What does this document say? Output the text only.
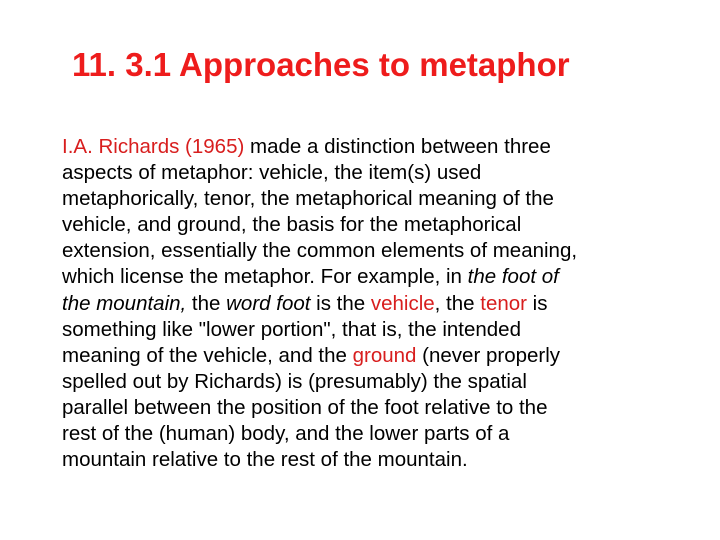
11. 3.1 Approaches to metaphor
I.A. Richards (1965) made a distinction between three
aspects of metaphor: vehicle, the item(s) used
metaphorically, tenor, the metaphorical meaning of the
vehicle, and ground, the basis for the metaphorical
extension, essentially the common elements of meaning,
which license the metaphor. For example, in the foot of
the mountain, the word foot is the vehicle, the tenor is
something like "lower portion", that is, the intended
meaning of the vehicle, and the ground (never properly
spelled out by Richards) is (presumably) the spatial
parallel between the position of the foot relative to the
rest of the (human) body, and the lower parts of a
mountain relative to the rest of the mountain.
